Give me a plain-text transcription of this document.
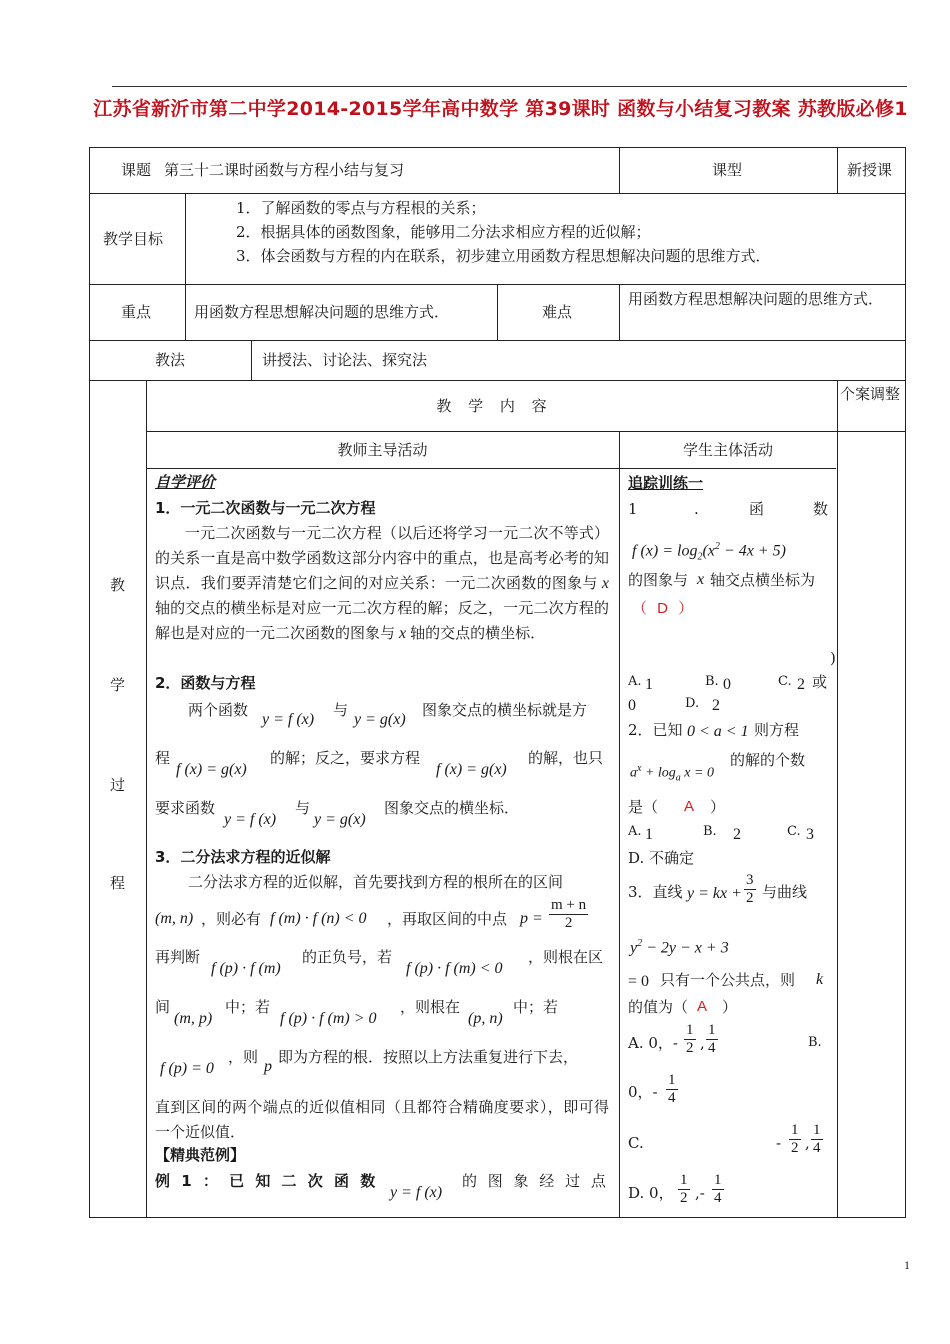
江苏省新沂市第二中学2014-2015学年高中数学 第39课时 函数与小结复习教案 苏教版必修1
课题 第三十二课时函数与方程小结与复习	课型	新授课
教学目标
1．了解函数的零点与方程根的关系；
2．根据具体的函数图象，能够用二分法求相应方程的近似解；
3．体会函数与方程的内在联系，初步建立用函数方程思想解决问题的思维方式．
重点	用函数方程思想解决问题的思维方式．	难点
用函数方程思想解决问题的思维方式．
教法	讲授法、讨论法、探究法
教
学
过
程
教 学 内 容
个案调整
教师主导活动	学生主体活动
自学评价
1．一元二次函数与一元二次方程
一元二次函数与一元二次方程（以后还将学习一元二次不等式）的关系一直是高中数学函数这部分内容中的重点，也是高考必考的知识点．我们要弄清楚它们之间的对应关系：一元二次函数的图象与 x 轴的交点的横坐标是对应一元二次方程的解；反之，一元二次方程的解也是对应的一元二次函数的图象与 x 轴的交点的横坐标．
2．函数与方程
两个函数
y = f (x)
与
y = g(x)
图象交点的横坐标就是方
程
f (x) = g(x)
的解；反之，要求方程
f (x) = g(x)
的解，也只
要求函数
y = f (x)
与
y = g(x)
图象交点的横坐标．
3．二分法求方程的近似解
二分法求方程的近似解，首先要找到方程的根所在的区间
(m, n) ，则必有 f (m) · f (n) < 0 ，再取区间的中点 $p = \frac{m + n}{2}$
再判断
f (p) · f (m)
的正负号，若
f (p) · f (m) < 0
，则根在区
间
(m, p)
中；若
f (p) · f (m) > 0
，则根在
(p, n)
中；若
f (p) = 0
，则
p
即为方程的根．按照以上方法重复进行下去，
直到区间的两个端点的近似值相同（且都符合精确度要求），即可得一个近似值．
【精典范例】
例 1 ： 已 知 二 次 函 数
y = f (x)
的 图 象 经 过 点
追踪训练一
1	.	函	数
f $(x) = \log_2(x^2 - 4x + 5)$
的图象与 x 轴交点横坐标为
（ D ）
)
A. 1	B. 0	C. 2 或
0	D. 2
2．已知 0 < a < 1 则方程
$a^x + \log_a x = 0$
的解的个数
是（ A ）
A. 1	B. 2	C. 3
D. 不确定
3．直线 y = kx + $\frac{3}{2}$ 与曲线
$y^2 - 2y - x + 3$
= 0 只有一个公共点，则 k
的值为（ A ）
A. 0，- $\frac{1}{2}$ , $\frac{1}{4}$	B.
0，- $\frac{1}{4}$
C.	- $\frac{1}{2}$ , $\frac{1}{4}$
D. 0， $\frac{1}{2}$ ,- $\frac{1}{4}$
1
